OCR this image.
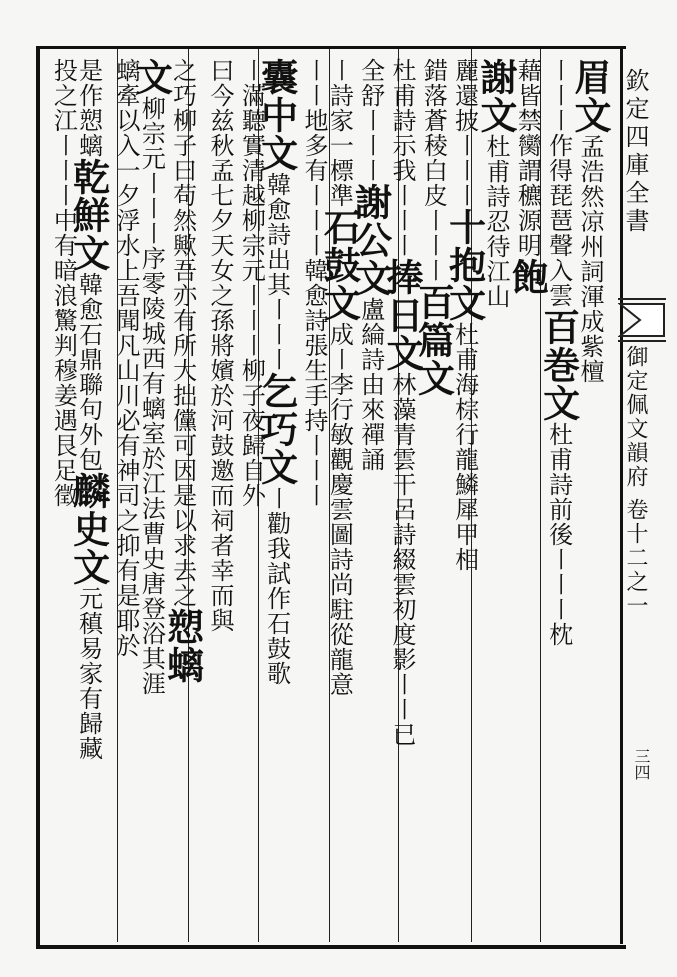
欽定四庫全書
御定佩文韻府 卷十二之一
三四
眉文孟浩然凉州詞渾成紫檀
〡〡〡作得琵琶聲入雲百巻文杜甫詩前後〡〡〡枕
藉皆禁臠謂穮源明飽
謝文杜甫詩忍待江山
麗還披〡〡〡十抱文杜甫海棕行龍鱗犀甲相
錯落蒼稜白皮〡〡〡百篇文
杜甫詩示我〡〡〡捧日文林藻青雲干呂詩綴雲初度影〡〡已
全舒〡〡〡謝公文盧綸詩由來禪誦
〡詩家一標準石鼓文成〡李行敏觀慶雲圖詩尚駐從龍意
〡〡地多有〡〡〡韓愈詩張生手持〡〡〡
囊中文韓愈詩出其〡〡〡乞巧文〡勸我試作石鼓歌
〡滿聽實清越柳宗元〡〡〡柳子夜歸自外
曰今兹秋孟七夕天女之孫將嬪於河鼓邀而祠者幸而與
之巧柳子曰苟然歟吾亦有所大拙儻可因是以求去之愬螭
文柳宗元〡〡〡序零陵城西有螭室於江法曹史唐登浴其涯
螭牽以入一夕浮水上吾聞凡山川必有神司之抑有是耶於
是作愬螭乾鮮文韓愈石鼎聯句外包麟史文元稹易家有歸藏
投之江〡〡〡中有暗浪驚判穆姜遇艮足徵
